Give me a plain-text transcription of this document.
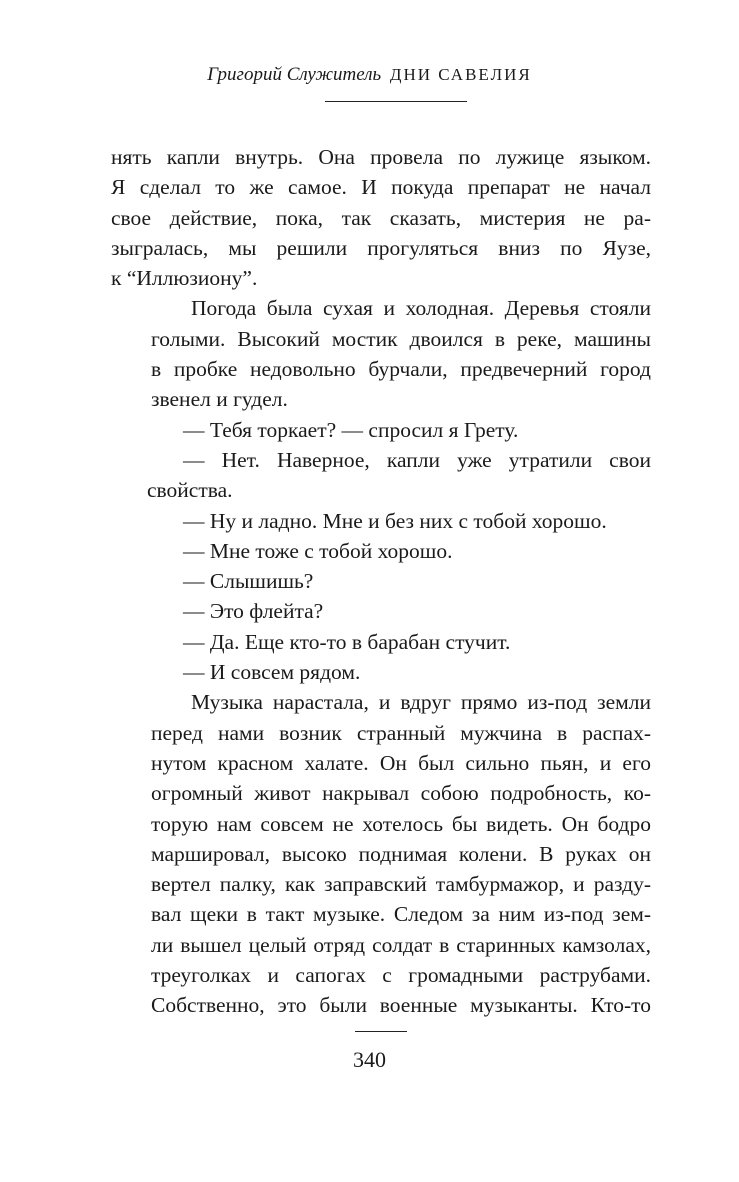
Григорий Служитель ДНИ САВЕЛИЯ

нять капли внутрь. Она провела по лужице языком.
Я сделал то же самое. И покуда препарат не начал
свое действие, пока, так сказать, мистерия не ра-
зыгралась, мы решили прогуляться вниз по Яузе,
к “Иллюзиону”.

Погода была сухая и холодная. Деревья стояли
голыми. Высокий мостик двоился в реке, машины
в пробке недовольно бурчали, предвечерний город
звенел и гудел.

— Тебя торкает? — спросил я Грету.

— Нет. Наверное, капли уже утратили свои
свойства.

— Ну и ладно. Мне и без них с тобой хорошо.

— Мне тоже с тобой хорошо.

— Слышишь?

— Это флейта?

— Да. Еще кто-то в барабан стучит.

— И совсем рядом.

Музыка нарастала, и вдруг прямо из-под земли
перед нами возник странный мужчина в распах-
нутом красном халате. Он был сильно пьян, и его
огромный живот накрывал собою подробность, ко-
торую нам совсем не хотелось бы видеть. Он бодро
маршировал, высоко поднимая колени. В руках он
вертел палку, как заправский тамбурмажор, и разду-
вал щеки в такт музыке. Следом за ним из-под зем-
ли вышел целый отряд солдат в старинных камзолах,
треуголках и сапогах с громадными раструбами.
Собственно, это были военные музыканты. Кто-то

340
